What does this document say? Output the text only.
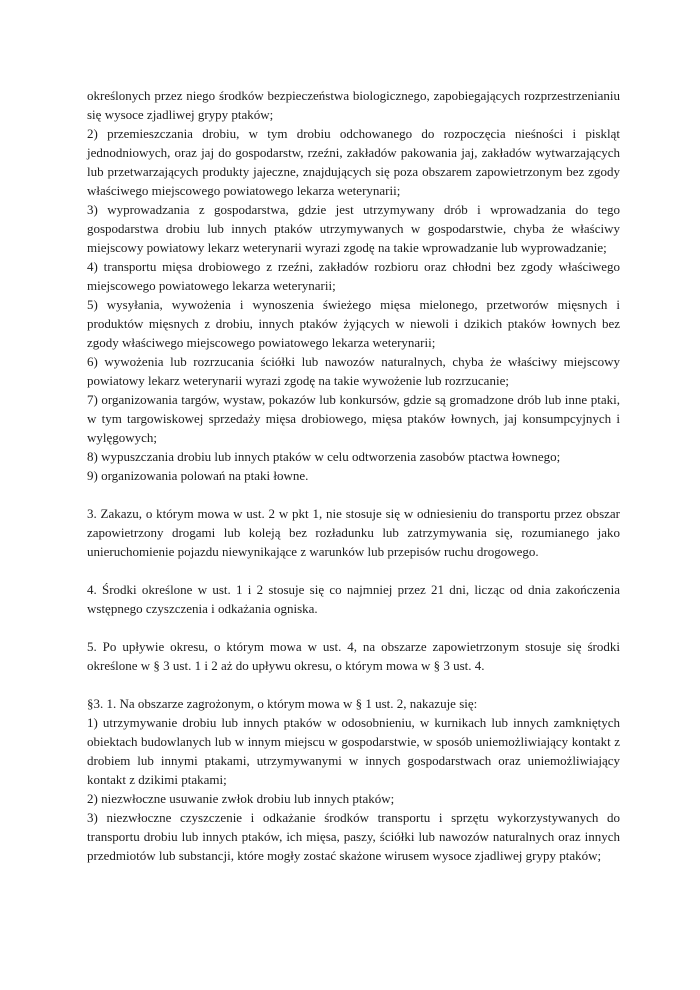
określonych przez niego środków bezpieczeństwa biologicznego, zapobiegających rozprzestrzenianiu się wysoce zjadliwej grypy ptaków;

2) przemieszczania drobiu, w tym drobiu odchowanego do rozpoczęcia nieśności i piskląt jednodniowych, oraz jaj do gospodarstw, rzeźni, zakładów pakowania jaj, zakładów wytwarzających lub przetwarzających produkty jajeczne, znajdujących się poza obszarem zapowietrzonym bez zgody właściwego miejscowego powiatowego lekarza weterynarii;

3) wyprowadzania z gospodarstwa, gdzie jest utrzymywany drób i wprowadzania do tego gospodarstwa drobiu lub innych ptaków utrzymywanych w gospodarstwie, chyba że właściwy miejscowy powiatowy lekarz weterynarii wyrazi zgodę na takie wprowadzanie lub wyprowadzanie;

4) transportu mięsa drobiowego z rzeźni, zakładów rozbioru oraz chłodni bez zgody właściwego miejscowego powiatowego lekarza weterynarii;

5) wysyłania, wywożenia i wynoszenia świeżego mięsa mielonego, przetworów mięsnych i produktów mięsnych z drobiu, innych ptaków żyjących w niewoli i dzikich ptaków łownych bez zgody właściwego miejscowego powiatowego lekarza weterynarii;

6) wywożenia lub rozrzucania ściółki lub nawozów naturalnych, chyba że właściwy miejscowy powiatowy lekarz weterynarii wyrazi zgodę na takie wywożenie lub rozrzucanie;

7) organizowania targów, wystaw, pokazów lub konkursów, gdzie są gromadzone drób lub inne ptaki, w tym targowiskowej sprzedaży mięsa drobiowego, mięsa ptaków łownych, jaj konsumpcyjnych i wylęgowych;

8) wypuszczania drobiu lub innych ptaków w celu odtworzenia zasobów ptactwa łownego;

9) organizowania polowań na ptaki łowne.

3. Zakazu, o którym mowa w ust. 2 w pkt 1, nie stosuje się w odniesieniu do transportu przez obszar zapowietrzony drogami lub koleją bez rozładunku lub zatrzymywania się, rozumianego jako unieruchomienie pojazdu niewynikające z warunków lub przepisów ruchu drogowego.

4. Środki określone w ust. 1 i 2 stosuje się co najmniej przez 21 dni, licząc od dnia zakończenia wstępnego czyszczenia i odkażania ogniska.

5. Po upływie okresu, o którym mowa w ust. 4, na obszarze zapowietrzonym stosuje się środki określone w § 3 ust. 1 i 2 aż do upływu okresu, o którym mowa w § 3 ust. 4.

§3. 1. Na obszarze zagrożonym, o którym mowa w § 1 ust. 2, nakazuje się:

1) utrzymywanie drobiu lub innych ptaków w odosobnieniu, w kurnikach lub innych zamkniętych obiektach budowlanych lub w innym miejscu w gospodarstwie, w sposób uniemożliwiający kontakt z drobiem lub innymi ptakami, utrzymywanymi w innych gospodarstwach oraz uniemożliwiający kontakt z dzikimi ptakami;

2) niezwłoczne usuwanie zwłok drobiu lub innych ptaków;

3) niezwłoczne czyszczenie i odkażanie środków transportu i sprzętu wykorzystywanych do transportu drobiu lub innych ptaków, ich mięsa, paszy, ściółki lub nawozów naturalnych oraz innych przedmiotów lub substancji, które mogły zostać skażone wirusem wysoce zjadliwej grypy ptaków;
